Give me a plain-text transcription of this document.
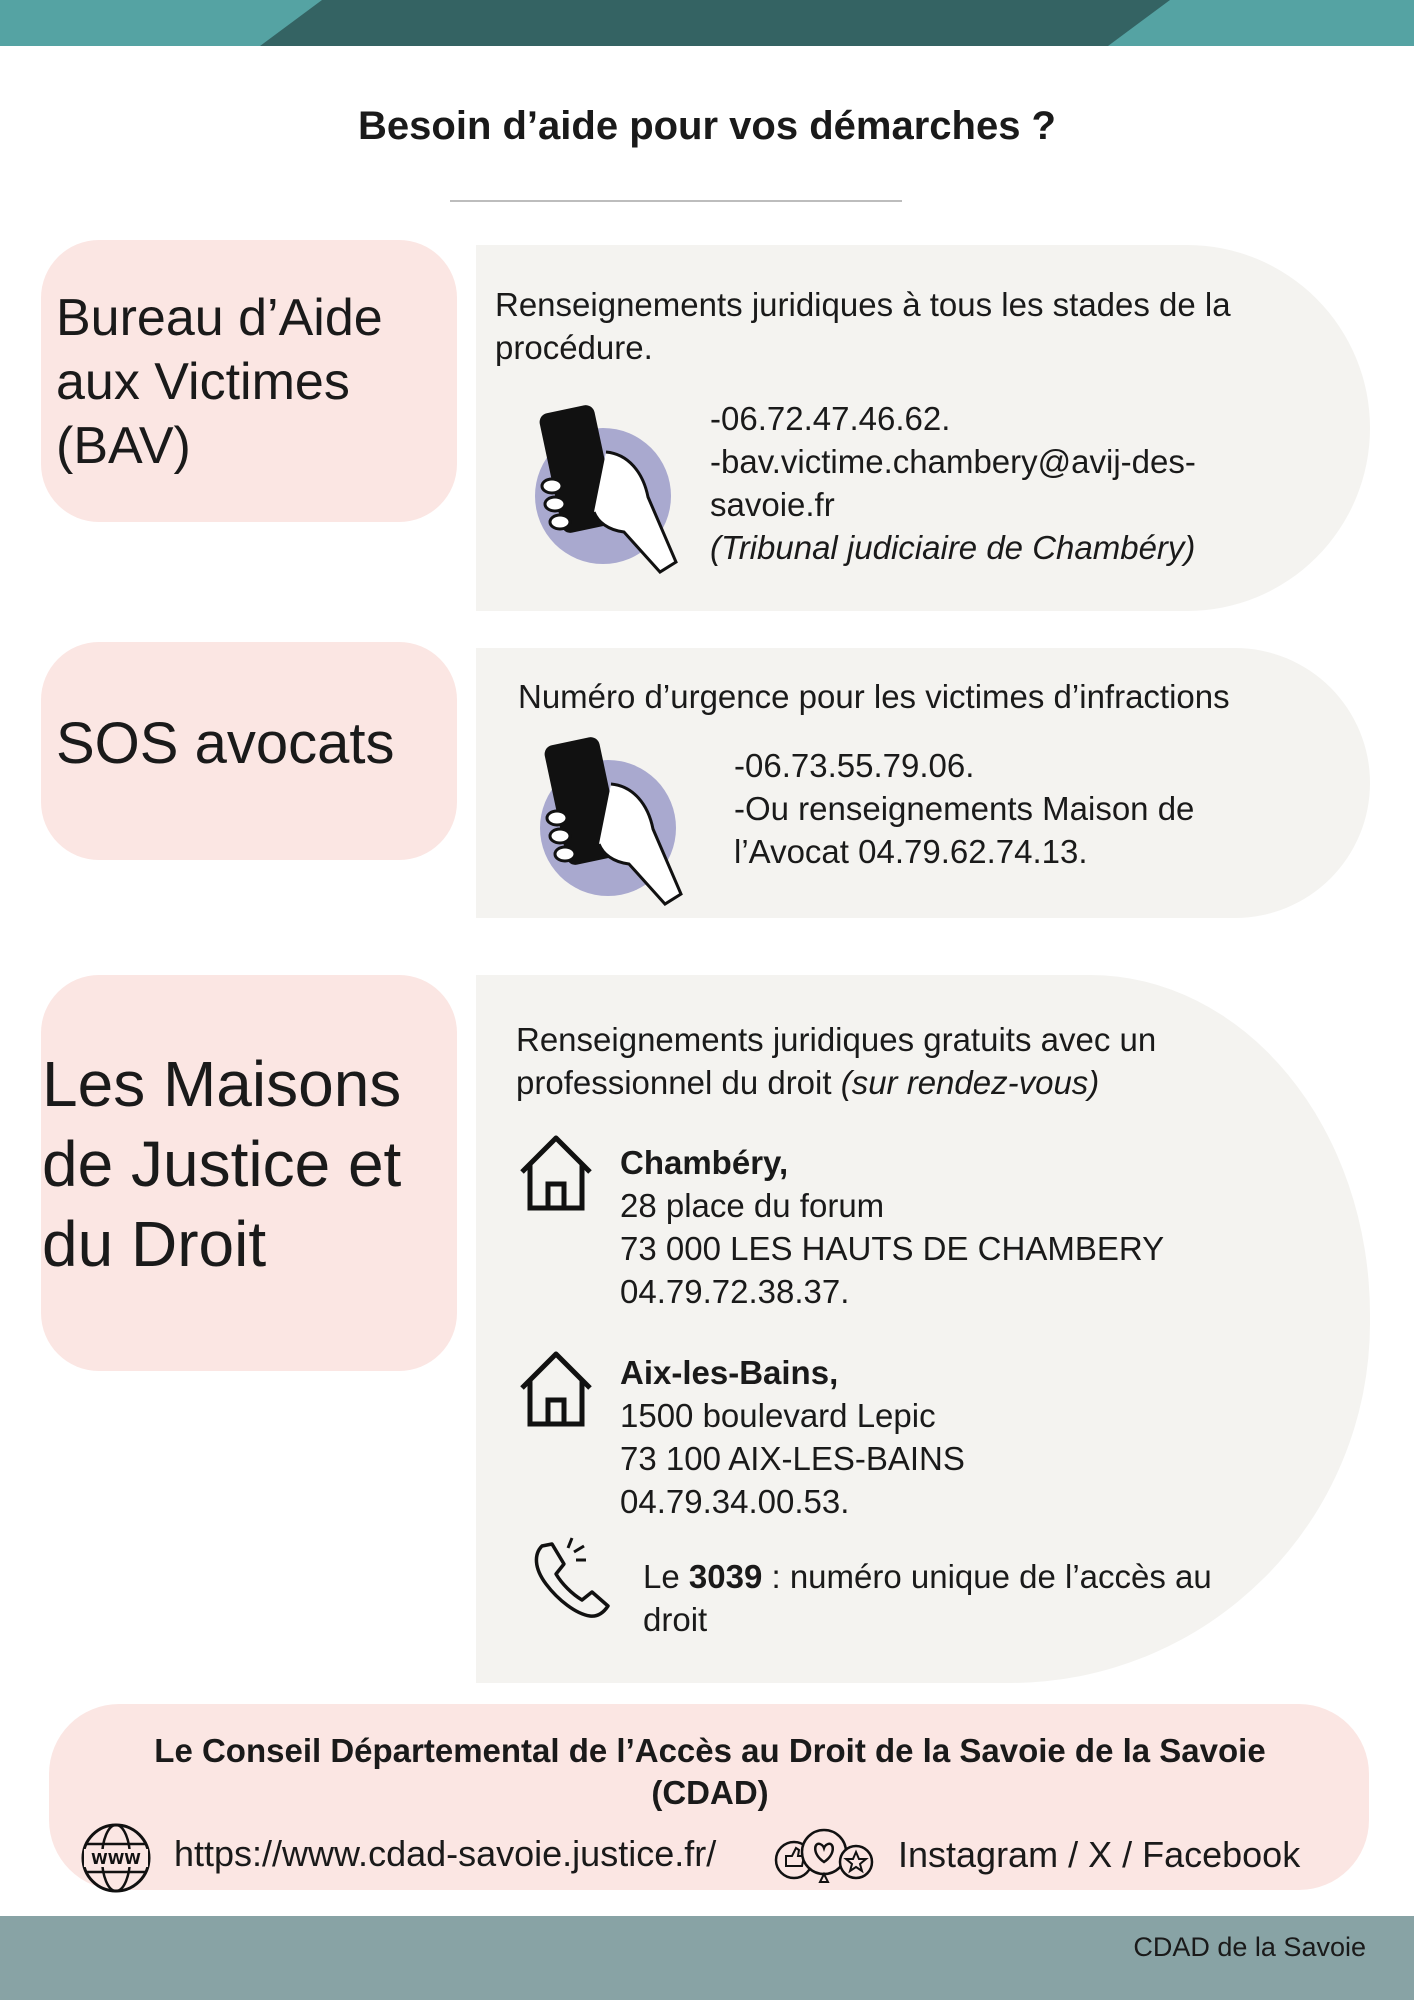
Besoin d’aide pour vos démarches ?
Bureau d’Aide
aux Victimes
(BAV)
Renseignements juridiques à tous les stades de la
procédure.
-06.72.47.46.62.
-bav.victime.chambery@avij-des-
savoie.fr
(Tribunal judiciaire de Chambéry)
SOS avocats
Numéro d’urgence pour les victimes d’infractions
-06.73.55.79.06.
-Ou renseignements Maison de
l’Avocat 04.79.62.74.13.
Les Maisons
de Justice et
du Droit
Renseignements juridiques gratuits avec un
professionnel du droit (sur rendez-vous)
Chambéry,
28 place du forum
73 000 LES HAUTS DE CHAMBERY
04.79.72.38.37.
Aix-les-Bains,
1500 boulevard Lepic
73 100 AIX-LES-BAINS
04.79.34.00.53.
Le 3039 : numéro unique de l’accès au
droit
Le Conseil Départemental de l’Accès au Droit de la Savoie de la Savoie (CDAD)
WWW https://www.cdad-savoie.justice.fr/	Instagram / X / Facebook
CDAD de la Savoie
